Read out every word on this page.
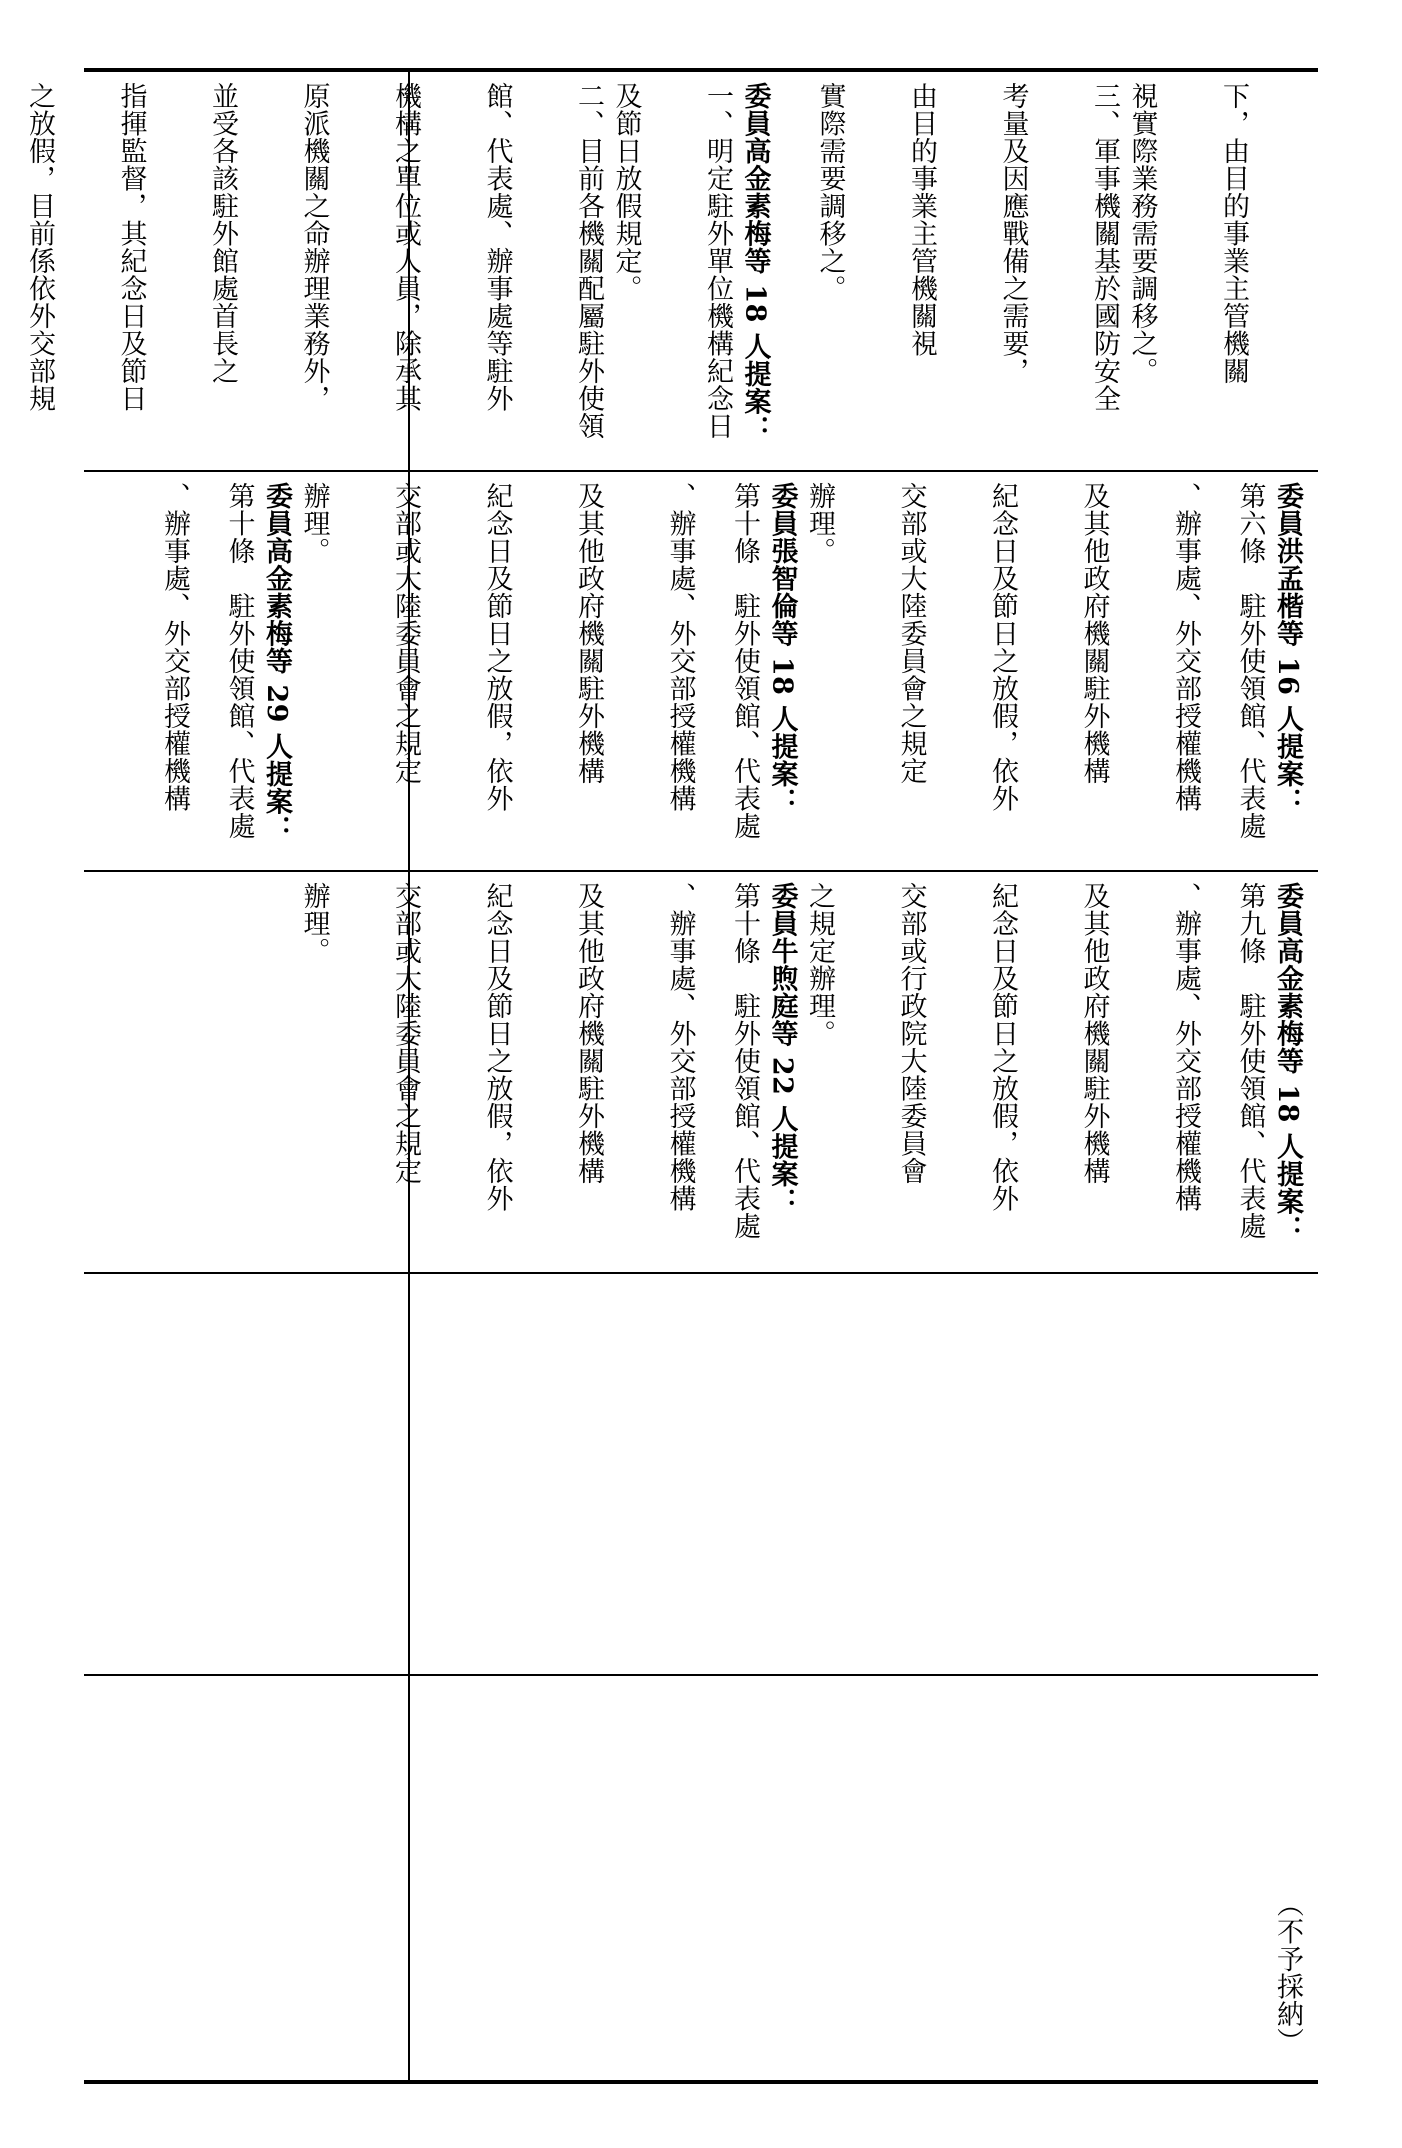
下，由目的事業主管機關
視實際業務需要調移之。
三、軍事機關基於國防安全
考量及因應戰備之需要，
由目的事業主管機關視
實際需要調移之。

委員高金素梅等 18 人提案：
一、明定駐外單位機構紀念日
及節日放假規定。
二、目前各機關配屬駐外使領
館、代表處、辦事處等駐外
機構之單位或人員，除承其
原派機關之命辦理業務外，
並受各該駐外館處首長之
指揮監督，其紀念日及節日
之放假，目前係依外交部規
委員洪孟楷等 16 人提案：
第六條　駐外使領館、代表處
、辦事處、外交部授權機構
及其他政府機關駐外機構
紀念日及節日之放假，依外
交部或大陸委員會之規定
辦理。
委員張智倫等 18 人提案：
第十條　駐外使領館、代表處
、辦事處、外交部授權機構
及其他政府機關駐外機構
紀念日及節日之放假，依外
交部或大陸委員會之規定
辦理。
委員高金素梅等 29 人提案：
第十條　駐外使領館、代表處
、辦事處、外交部授權機構
委員高金素梅等 18 人提案：
第九條　駐外使領館、代表處
、辦事處、外交部授權機構
及其他政府機關駐外機構
紀念日及節日之放假，依外
交部或行政院大陸委員會
之規定辦理。
委員牛煦庭等 22 人提案：
第十條　駐外使領館、代表處
、辦事處、外交部授權機構
及其他政府機關駐外機構
紀念日及節日之放假，依外
交部或大陸委員會之規定
辦理。
（不予採納）
